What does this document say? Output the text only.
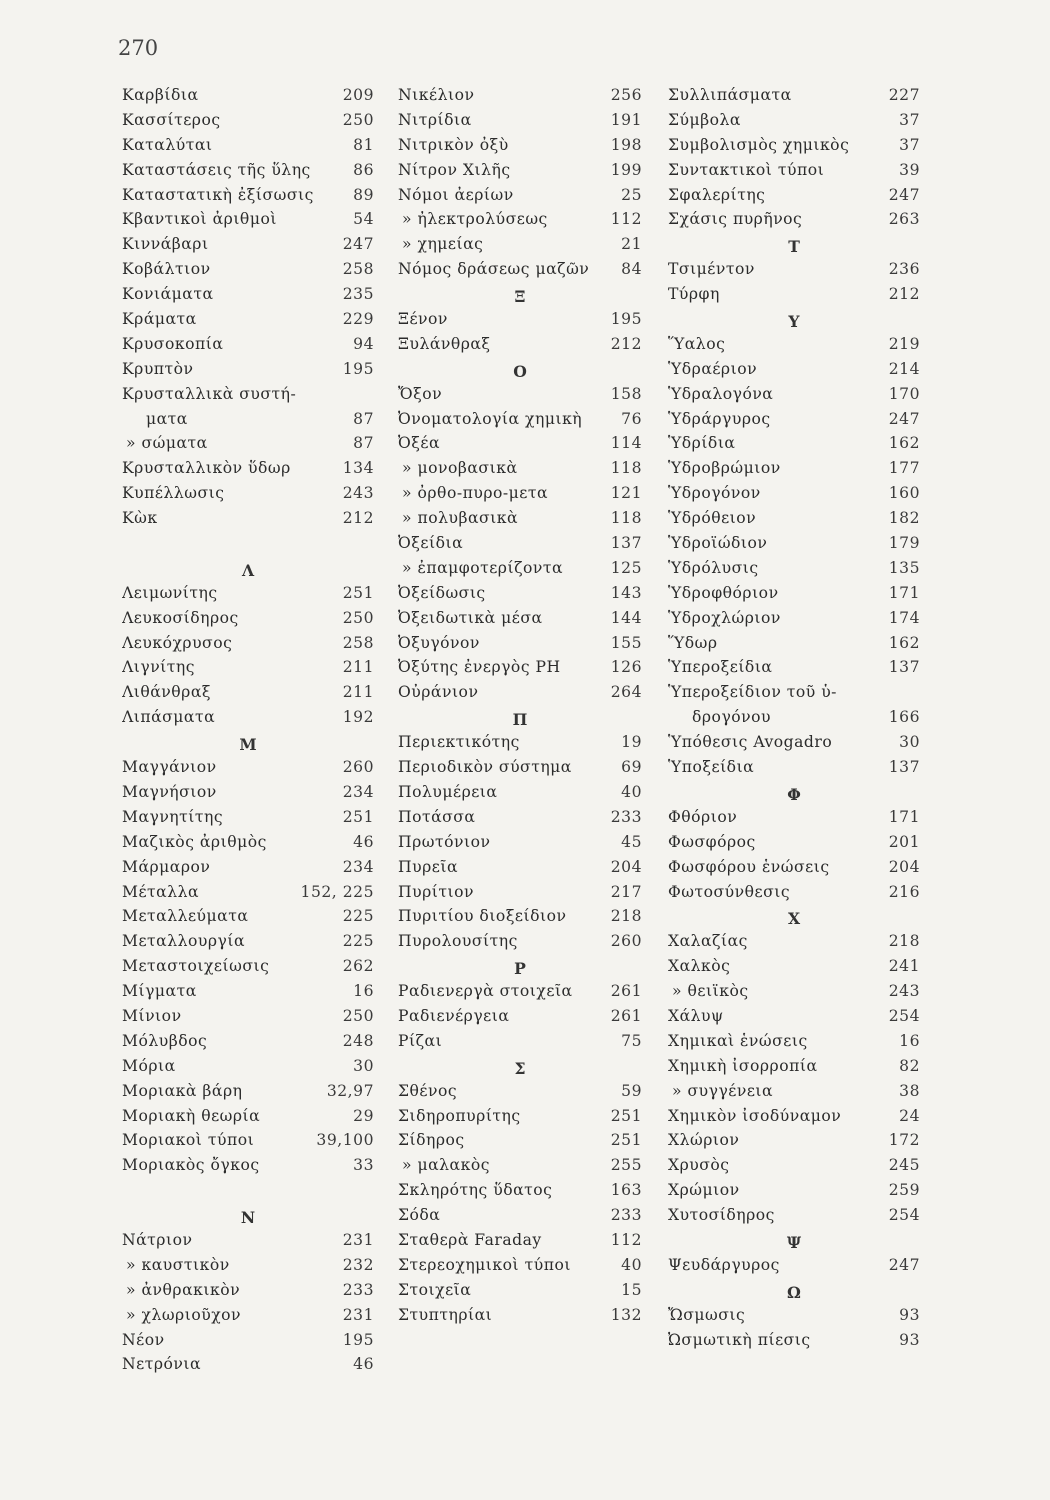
270
Καρβίδια	209
Κασσίτερος	250
Καταλύται	81
Καταστάσεις τῆς ὕλης	86
Καταστατικὴ ἐξίσωσις	89
Κβαντικοὶ ἀριθμοὶ	54
Κιννάβαρι	247
Κοβάλτιον	258
Κονιάματα	235
Κράματα	229
Κρυσοκοπία	94
Κρυπτὸν	195
Κρυσταλλικὰ συστή-
ματα	87
» σώματα	87
Κρυσταλλικὸν ὕδωρ	134
Κυπέλλωσις	243
Κὼκ	212
Λ
Λειμωνίτης	251
Λευκοσίδηρος	250
Λευκόχρυσος	258
Λιγνίτης	211
Λιθάνθραξ	211
Λιπάσματα	192
Μ
Μαγγάνιον	260
Μαγνήσιον	234
Μαγνητίτης	251
Μαζικὸς ἀριθμὸς	46
Μάρμαρον	234
Μέταλλα	152, 225
Μεταλλεύματα	225
Μεταλλουργία	225
Μεταστοιχείωσις	262
Μίγματα	16
Μίνιον	250
Μόλυβδος	248
Μόρια	30
Μοριακὰ βάρη	32,97
Μοριακὴ θεωρία	29
Μοριακοὶ τύποι	39,100
Μοριακὸς ὄγκος	33
Ν
Νάτριον	231
» καυστικὸν	232
» ἀνθρακικὸν	233
» χλωριοῦχον	231
Νέον	195
Νετρόνια	46
Νικέλιον	256
Νιτρίδια	191
Νιτρικὸν ὀξὺ	198
Νίτρον Χιλῆς	199
Νόμοι ἀερίων	25
» ἠλεκτρολύσεως	112
» χημείας	21
Νόμος δράσεως μαζῶν	84
Ξ
Ξένον	195
Ξυλάνθραξ	212
Ο
Ὄξον	158
Ὀνοματολογία χημικὴ	76
Ὀξέα	114
» μονοβασικὰ	118
» ὀρθο-πυρο-μετα	121
» πολυβασικὰ	118
Ὀξείδια	137
» ἐπαμφοτερίζοντα	125
Ὀξείδωσις	143
Ὀξειδωτικὰ μέσα	144
Ὀξυγόνον	155
Ὀξύτης ἐνεργὸς PH	126
Οὐράνιον	264
Π
Περιεκτικότης	19
Περιοδικὸν σύστημα	69
Πολυμέρεια	40
Ποτάσσα	233
Πρωτόνιον	45
Πυρεῖα	204
Πυρίτιον	217
Πυριτίου διοξείδιον	218
Πυρολουσίτης	260
Ρ
Ραδιενεργὰ στοιχεῖα	261
Ραδιενέργεια	261
Ρίζαι	75
Σ
Σθένος	59
Σιδηροπυρίτης	251
Σίδηρος	251
» μαλακὸς	255
Σκληρότης ὕδατος	163
Σόδα	233
Σταθερὰ Faraday	112
Στερεοχημικοὶ τύποι	40
Στοιχεῖα	15
Στυπτηρίαι	132
Συλλιπάσματα	227
Σύμβολα	37
Συμβολισμὸς χημικὸς	37
Συντακτικοὶ τύποι	39
Σφαλερίτης	247
Σχάσις πυρῆνος	263
Τ
Τσιμέντον	236
Τύρφη	212
Υ
Ὕαλος	219
Ὑδραέριον	214
Ὑδραλογόνα	170
Ὑδράργυρος	247
Ὑδρίδια	162
Ὑδροβρώμιον	177
Ὑδρογόνον	160
Ὑδρόθειον	182
Ὑδροϊώδιον	179
Ὑδρόλυσις	135
Ὑδροφθόριον	171
Ὑδροχλώριον	174
Ὕδωρ	162
Ὑπεροξείδια	137
Ὑπεροξείδιον τοῦ ὑ-
δρογόνου	166
Ὑπόθεσις Avogadro	30
Ὑποξείδια	137
Φ
Φθόριον	171
Φωσφόρος	201
Φωσφόρου ἑνώσεις	204
Φωτοσύνθεσις	216
Χ
Χαλαζίας	218
Χαλκὸς	241
» θειϊκὸς	243
Χάλυψ	254
Χημικαὶ ἑνώσεις	16
Χημικὴ ἰσορροπία	82
» συγγένεια	38
Χημικὸν ἰσοδύναμον	24
Χλώριον	172
Χρυσὸς	245
Χρώμιον	259
Χυτοσίδηρος	254
Ψ
Ψευδάργυρος	247
Ω
Ὤσμωσις	93
Ὠσμωτικὴ πίεσις	93
